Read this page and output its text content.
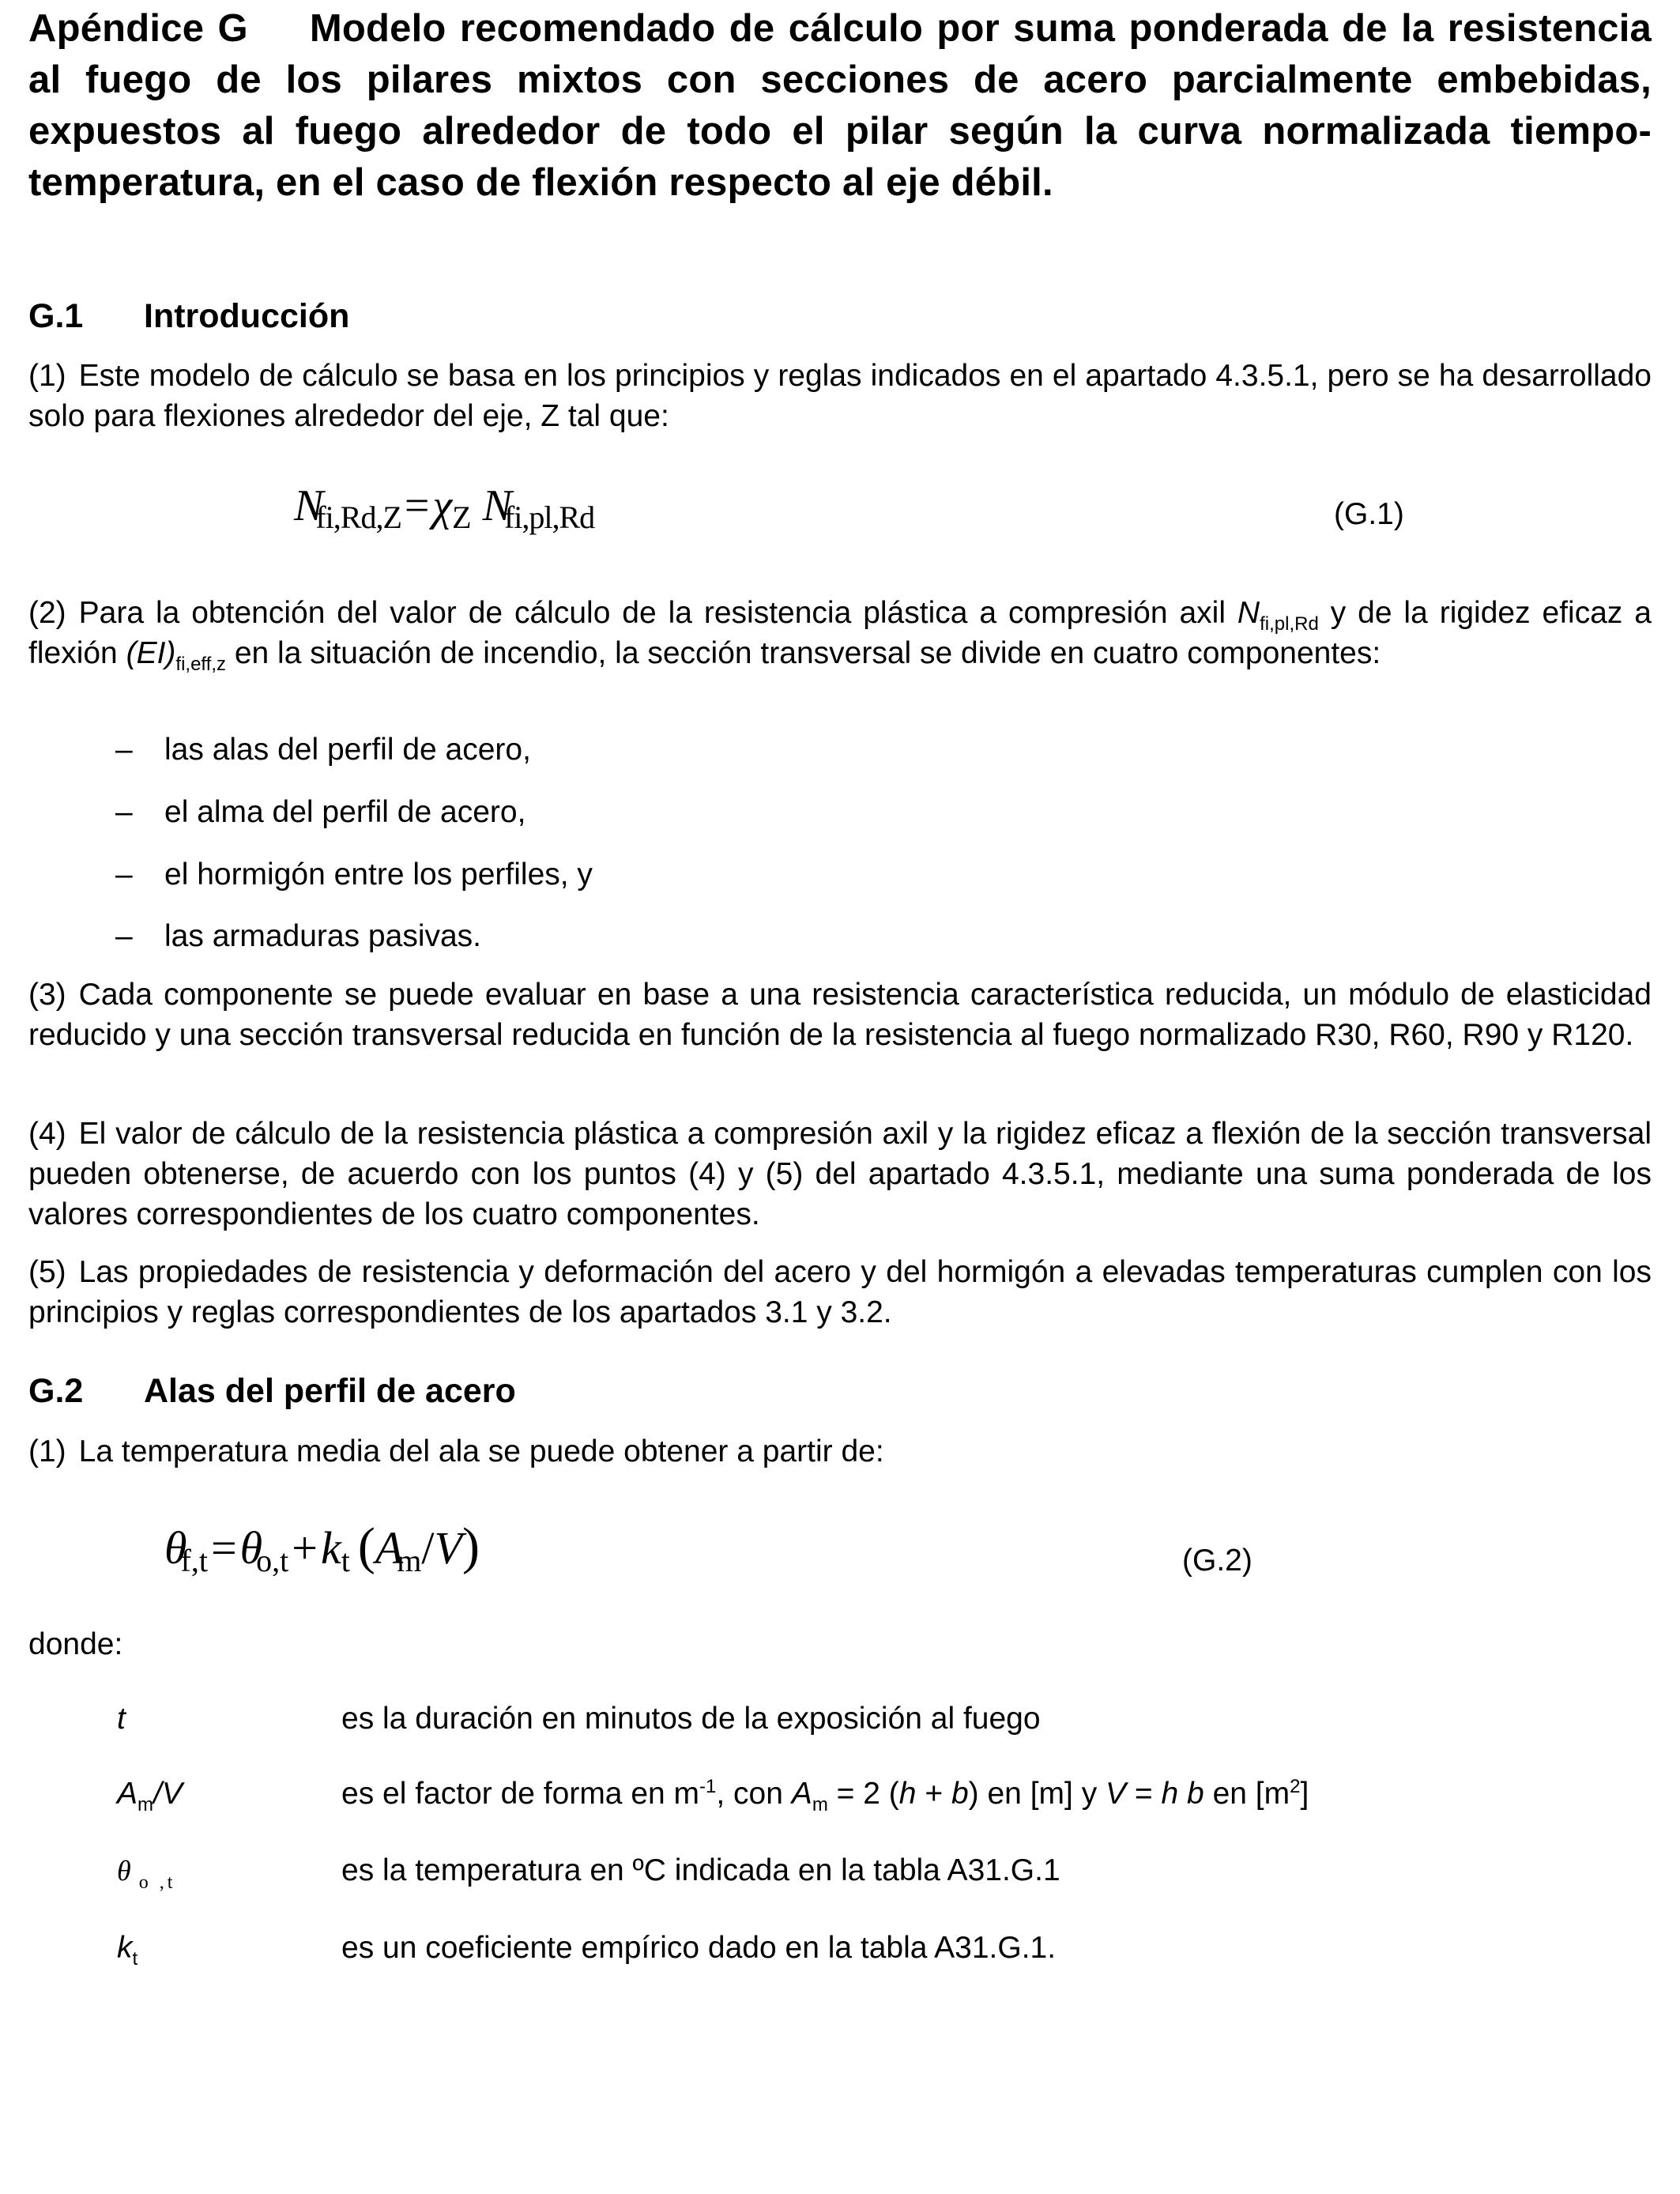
Apéndice G Modelo recomendado de cálculo por suma ponderada de la resistencia al fuego de los pilares mixtos con secciones de acero parcialmente embebidas, expuestos al fuego alrededor de todo el pilar según la curva normalizada tiempo-temperatura, en el caso de flexión respecto al eje débil.
G.1 Introducción
(1) Este modelo de cálculo se basa en los principios y reglas indicados en el apartado 4.3.5.1, pero se ha desarrollado solo para flexiones alrededor del eje, Z tal que:
Nfi,Rd,Z=χZ Nfi,pl,Rd	(G.1)
(2) Para la obtención del valor de cálculo de la resistencia plástica a compresión axil $N_{fi,pl,Rd}$ y de la rigidez eficaz a flexión $(EI)_{fi,eff,z}$ en la situación de incendio, la sección transversal se divide en cuatro componentes:
– las alas del perfil de acero,
– el alma del perfil de acero,
– el hormigón entre los perfiles, y
– las armaduras pasivas.
(3) Cada componente se puede evaluar en base a una resistencia característica reducida, un módulo de elasticidad reducido y una sección transversal reducida en función de la resistencia al fuego normalizado R30, R60, R90 y R120.
(4) El valor de cálculo de la resistencia plástica a compresión axil y la rigidez eficaz a flexión de la sección transversal pueden obtenerse, de acuerdo con los puntos (4) y (5) del apartado 4.3.5.1, mediante una suma ponderada de los valores correspondientes de los cuatro componentes.
(5) Las propiedades de resistencia y deformación del acero y del hormigón a elevadas temperaturas cumplen con los principios y reglas correspondientes de los apartados 3.1 y 3.2.
G.2 Alas del perfil de acero
(1) La temperatura media del ala se puede obtener a partir de:
θf,t=θo,t+kt (Am/V)	(G.2)
donde:
t	es la duración en minutos de la exposición al fuego
$A_m/V$	es el factor de forma en $m^{-1}$, con $A_m = 2$ (h + b) en [m] y V = h b en $[m^2]$
θ $_{o ,t}$	es la temperatura en ºC indicada en la tabla A31.G.1
$k_t$	es un coeficiente empírico dado en la tabla A31.G.1.
